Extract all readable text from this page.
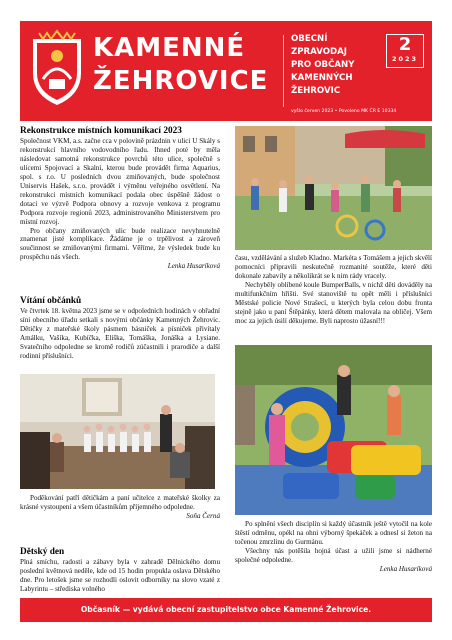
KAMENNÉ
ŽEHROVICE
OBECNÍ
ZPRAVODAJ
PRO OBČANY
KAMENNÝCH
ŽEHROVIC
2
2023
vyšlo červen 2023 • Povoleno MK ČR E 10334
Rekonstrukce místních komunikací 2023

Společnost VKM, a.s. začne cca v polovině prázdnin v ulici U Skály s rekonstrukcí hlavního vodovodního řadu. Ihned poté by měla následovat samotná rekonstrukce povrchů této ulice, společně s ulicemi Spojovací a Skalní, kterou bude provádět firma Aquarius, spol. s r.o. U posledních dvou zmiňovaných, bude společnost Uniservis Hašek, s.r.o. provádět i výměnu veřejného osvětlení. Na rekonstrukci místních komunikací podala obec úspěšně žádost o dotaci ve výzvě Podpora obnovy a rozvoje venkova z programu Podpora rozvoje regionů 2023, administrovaného Ministerstvem pro místní rozvoj.

Pro občany zmiňovaných ulic bude realizace nevyhnutelně znamenat jisté komplikace. Žádáme je o trpělivost a zároveň součinnost se zmiňovanými firmami. Věříme, že výsledek bude ku prospěchu nás všech.

Lenka Husaríková

Vítání občánků

Ve čtvrtek 18. května 2023 jsme se v odpoledních hodinách v obřadní síni obecního úřadu setkali s novými občánky Kamenných Žehrovic. Dětičky z mateřské školy pásmem básniček a písniček přivítaly Amálku, Vašíka, Kubíčka, Eliška, Tomáška, Jonáška a Lysiane. Svatečního odpoledne se kromě rodičů zúčastnili i prarodiče a další rodinní příslušníci.

Poděkování patří dětičkám a paní učitelce z mateřské školky za krásné vystoupení a všem účastníkům příjemného odpoledne.

Soňa Černá

Dětský den

Plná smíchu, radosti a zábavy byla v zahradě Dělnického domu poslední květnová neděle, kde od 15 hodin propukla oslava Dětského dne. Pro letošek jsme se rozhodli oslovit odborníky na slovo vzaté z Labyrintu – střediska volného

času, vzdělávání a služeb Kladno. Markéta s Tomášem a jejich skvělí pomocníci připravili neskutečně rozmanité soutěže, které děti dokonale zabavily a několikrát se k nim rády vracely.

Nechyběly oblíbené koule BumperBalls, v nichž děti dováděly na multifunkčním hřišti. Své stanoviště tu opět měli i příslušníci Městské policie Nové Strašecí, u kterých byla celou dobu fronta stejně jako u paní Štěpánky, která dětem malovala na obličej. Všem moc za jejich úsilí děkujeme. Byli naprosto úžasní!!!

Po splnění všech disciplín si každý účastník ještě vytočil na kole štěstí odměnu, opékl na ohni výborný špekáček a odnesl si žeton na točenou zmrzlinu do Gurmánu.

Všechny nás potěšila hojná účast a užili jsme si nádherné společné odpoledne.

Lenka Husaríková

Občasník — vydává obecní zastupitelstvo obce Kamenné Žehrovice.
